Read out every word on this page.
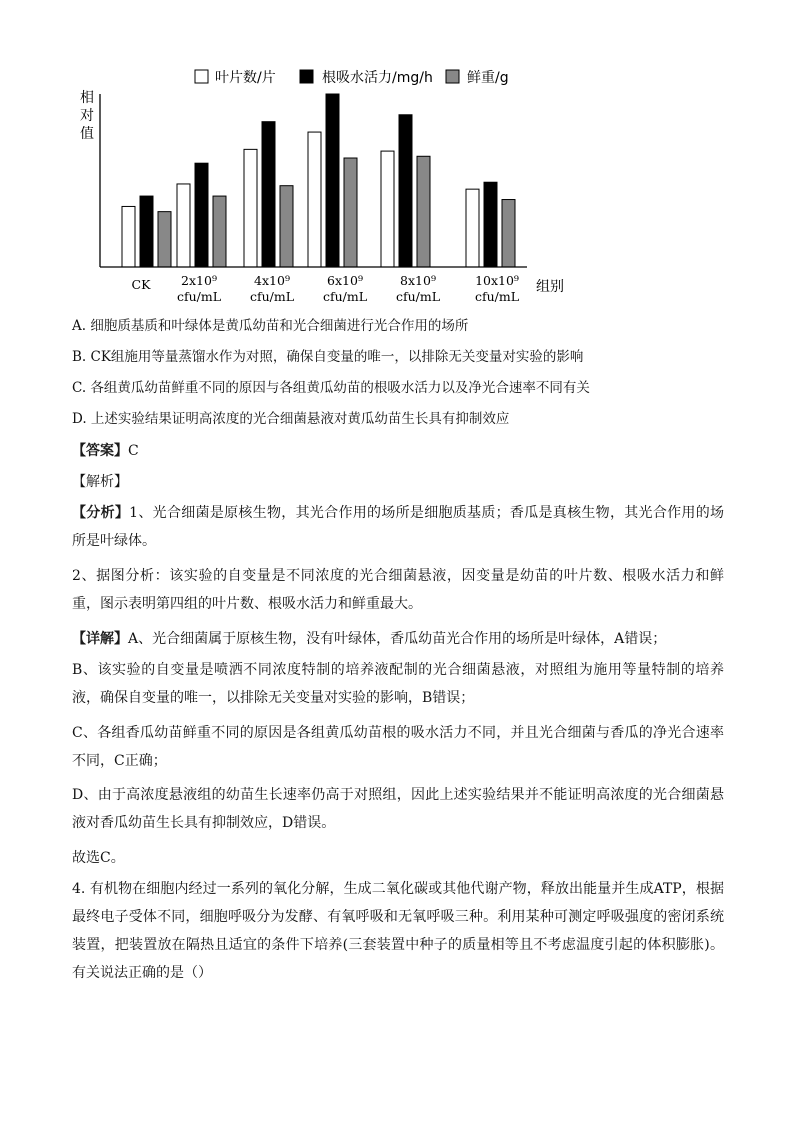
叶片数/片	根吸水活力/mg/h 鲜重/g
相
对
值
CK 2x10⁹
cfu/mL
4x10⁹
cfu/mL
6x10⁹
cfu/mL
8x10⁹
cfu/mL
10x10⁹
cfu/mL
组别
A. 细胞质基质和叶绿体是黄瓜幼苗和光合细菌进行光合作用的场所
B. CK组施用等量蒸馏水作为对照，确保自变量的唯一，以排除无关变量对实验的影响
C. 各组黄瓜幼苗鲜重不同的原因与各组黄瓜幼苗的根吸水活力以及净光合速率不同有关
D. 上述实验结果证明高浓度的光合细菌悬液对黄瓜幼苗生长具有抑制效应
【答案】C
【解析】
【分析】1、光合细菌是原核生物，其光合作用的场所是细胞质基质；香瓜是真核生物，其光合作用的场所是叶绿体。
2、据图分析：该实验的自变量是不同浓度的光合细菌悬液，因变量是幼苗的叶片数、根吸水活力和鲜重，图示表明第四组的叶片数、根吸水活力和鲜重最大。
【详解】A、光合细菌属于原核生物，没有叶绿体，香瓜幼苗光合作用的场所是叶绿体，A错误；
B、该实验的自变量是喷洒不同浓度特制的培养液配制的光合细菌悬液，对照组为施用等量特制的培养液，确保自变量的唯一，以排除无关变量对实验的影响，B错误；
C、各组香瓜幼苗鲜重不同的原因是各组黄瓜幼苗根的吸水活力不同，并且光合细菌与香瓜的净光合速率不同，C正确；
D、由于高浓度悬液组的幼苗生长速率仍高于对照组，因此上述实验结果并不能证明高浓度的光合细菌悬液对香瓜幼苗生长具有抑制效应，D错误。
故选C。
4. 有机物在细胞内经过一系列的氧化分解，生成二氧化碳或其他代谢产物，释放出能量并生成ATP，根据最终电子受体不同，细胞呼吸分为发酵、有氧呼吸和无氧呼吸三种。利用某种可测定呼吸强度的密闭系统装置，把装置放在隔热且适宜的条件下培养(三套装置中种子的质量相等且不考虑温度引起的体积膨胀)。有关说法正确的是（）
